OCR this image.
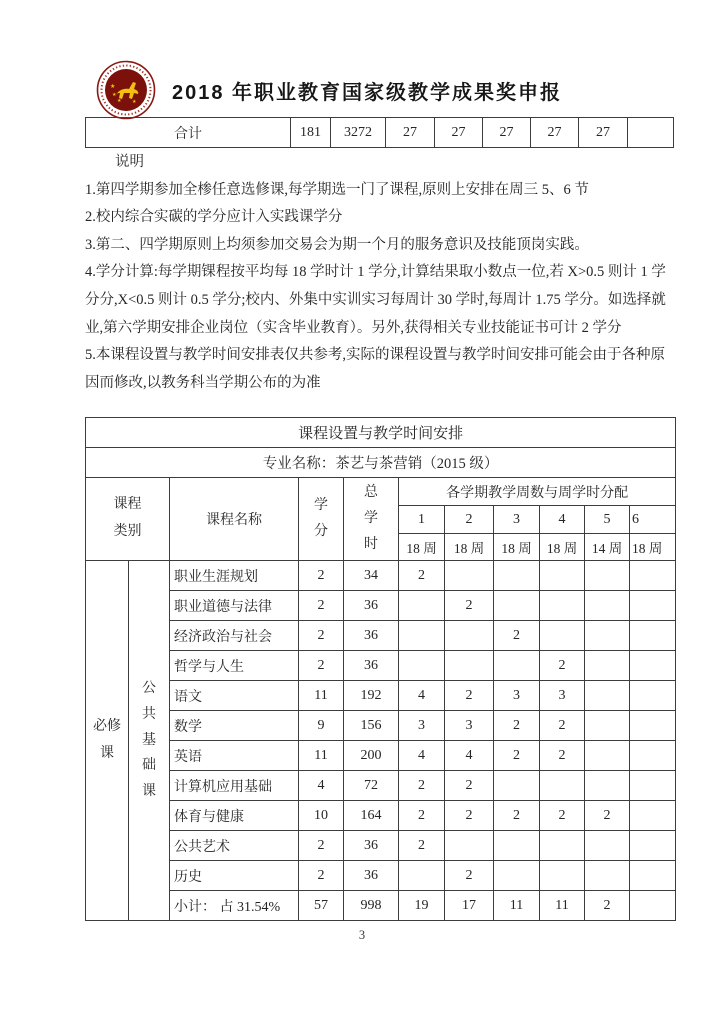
★
★
★ ★ 2018 年职业教育国家级教学成果奖申报
合计	181	3272	27	27	27	27	27	

说明

1.第四学期参加全椮任意选修课,每学期选一门了课程,原则上安排在周三 5、6 节

2.校内综合实碳的学分应计入实践课学分

3.第二、四学期原则上均须参加交易会为期一个月的服务意识及技能顶岗实践。

4.学分计算:每学期锞程按平均每 18 学时计 1 学分,计算结果取小数点一位,若 X>0.5 则计 1 学分分,X<0.5 则计 0.5 学分;校内、外集中实训实习每周计 30 学时,每周计 1.75 学分。如选择就业,第六学期安排企业岗位（实含毕业教育）。另外,获得相关专业技能证书可计 2 学分

5.本课程设置与教学时间安排表仅共参考,实际的课程设置与教学时间安排可能会由于各种原因而修改,以教务科当学期公布的为准

课程设置与教学时间安排										
专业名称：茶艺与茶营销（2015 级）										
课程类别		课程名称	学分	总学时	各学期教学周数与周学时分配					
					1	2	3	4	5	6
					18 周	18 周	18 周	18 周	14 周	18 周
必修课	公共基础课	职业生涯规划	2	34	2					
		职业道德与法律	2	36		2				
		经济政治与社会	2	36			2			
		哲学与人生	2	36				2		
		语文	11	192	4	2	3	3		
		数学	9	156	3	3	2	2		
		英语	11	200	4	4	2	2		
		计算机应用基础	4	72	2	2				
		体育与健康	10	164	2	2	2	2	2	
		公共艺术	2	36	2					
		历史	2	36		2				
		小计： 占 31.54%	57	998	19	17	11	11	2	
3
